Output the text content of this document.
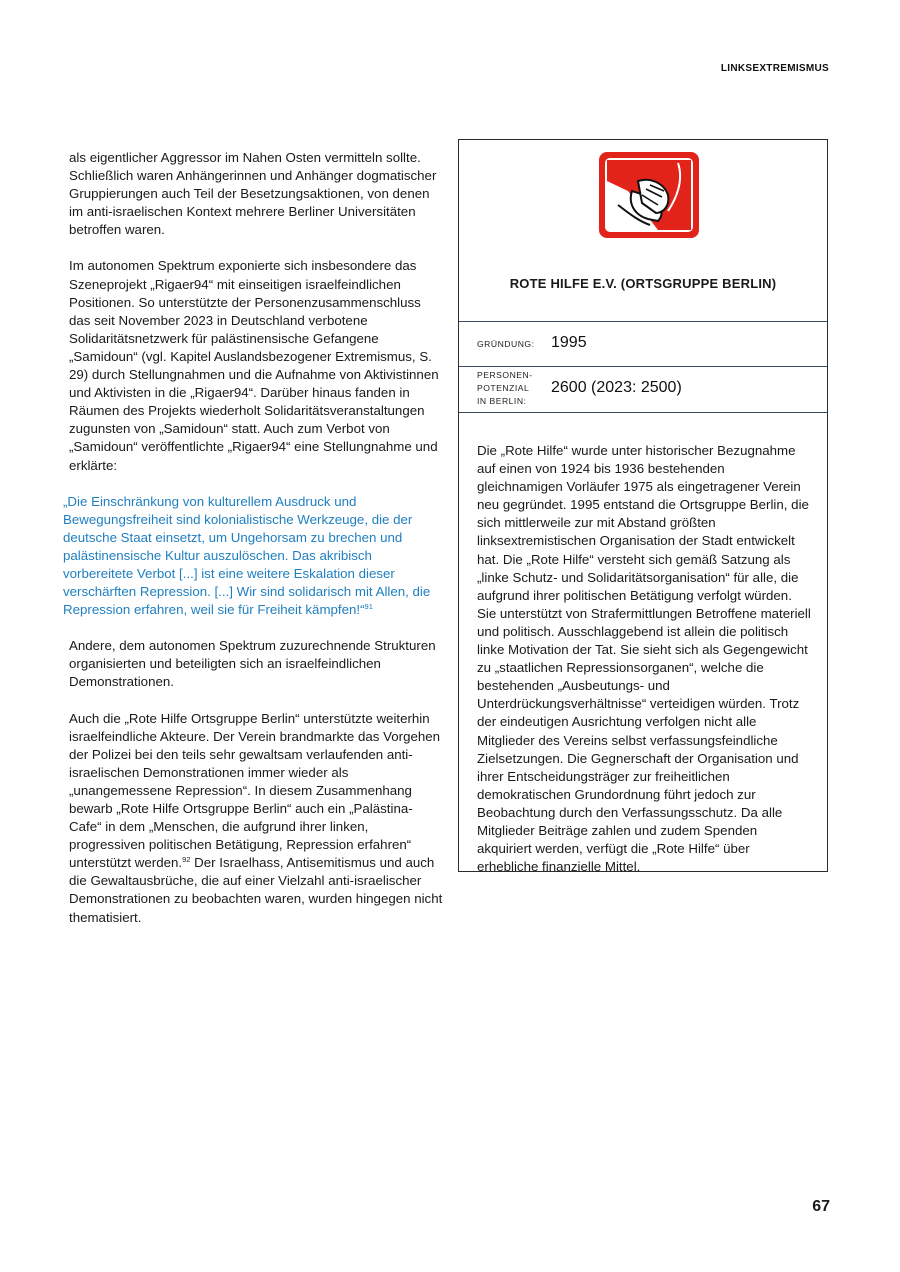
LINKSEXTREMISMUS

als eigentlicher Aggressor im Nahen Osten vermitteln sollte. Schließlich waren Anhängerinnen und Anhänger dogmatischer Gruppierungen auch Teil der Besetzungsaktionen, von denen im anti-israelischen Kontext mehrere Berliner Universitäten betroffen waren.

Im autonomen Spektrum exponierte sich insbesondere das Szeneprojekt „Rigaer94“ mit einseitigen israelfeindlichen Positionen. So unterstützte der Personenzusammenschluss das seit November 2023 in Deutschland verbotene Solidaritätsnetzwerk für palästinensische Gefangene „Samidoun“ (vgl. Kapitel Auslandsbezogener Extremismus, S. 29) durch Stellungnahmen und die Aufnahme von Aktivistinnen und Aktivisten in die „Rigaer94“. Darüber hinaus fanden in Räumen des Projekts wiederholt Solidaritätsveranstaltungen zugunsten von „Samidoun“ statt. Auch zum Verbot von „Samidoun“ veröffentlichte „Rigaer94“ eine Stellungnahme und erklärte:

„Die Einschränkung von kulturellem Ausdruck und Bewegungsfreiheit sind kolonialistische Werkzeuge, die der deutsche Staat einsetzt, um Ungehorsam zu brechen und palästinensische Kultur auszulöschen. Das akribisch vorbereitete Verbot [...] ist eine weitere Eskalation dieser verschärften Repression. [...] Wir sind solidarisch mit Allen, die Repression erfahren, weil sie für Freiheit kämpfen!“$^{91}$

Andere, dem autonomen Spektrum zuzurechnende Strukturen organisierten und beteiligten sich an israelfeindlichen Demonstrationen.

Auch die „Rote Hilfe Ortsgruppe Berlin“ unterstützte weiterhin israelfeindliche Akteure. Der Verein brandmarkte das Vorgehen der Polizei bei den teils sehr gewaltsam verlaufenden anti-israelischen Demonstrationen immer wieder als „unangemessene Repression“. In diesem Zusammenhang bewarb „Rote Hilfe Ortsgruppe Berlin“ auch ein „Palästina-Cafe“ in dem „Menschen, die aufgrund ihrer linken, progressiven politischen Betätigung, Repression erfahren“ unterstützt werden.$^{92}$ Der Israelhass, Antisemitismus und auch die Gewaltausbrüche, die auf einer Vielzahl anti-israelischer Demonstrationen zu beobachten waren, wurden hingegen nicht thematisiert.

ROTE HILFE E.V. (ORTSGRUPPE BERLIN)
GRÜNDUNG: 1995
PERSONEN-
POTENZIAL
IN BERLIN:
2600 (2023: 2500)
Die „Rote Hilfe“ wurde unter historischer Bezugnahme auf einen von 1924 bis 1936 bestehenden gleichnamigen Vorläufer 1975 als eingetragener Verein neu gegründet. 1995 entstand die Ortsgruppe Berlin, die sich mittlerweile zur mit Abstand größten linksextremistischen Organisation der Stadt entwickelt hat. Die „Rote Hilfe“ versteht sich gemäß Satzung als „linke Schutz- und Solidaritätsorganisation“ für alle, die aufgrund ihrer politischen Betätigung verfolgt würden. Sie unterstützt von Strafermittlungen Betroffene materiell und politisch. Ausschlaggebend ist allein die politisch linke Motivation der Tat. Sie sieht sich als Gegengewicht zu „staatlichen Repressionsorganen“, welche die bestehenden „Ausbeutungs- und Unterdrückungsverhältnisse“ verteidigen würden. Trotz der eindeutigen Ausrichtung verfolgen nicht alle Mitglieder des Vereins selbst verfassungsfeindliche Zielsetzungen. Die Gegnerschaft der Organisation und ihrer Entscheidungsträger zur freiheitlichen demokratischen Grundordnung führt jedoch zur Beobachtung durch den Verfassungsschutz. Da alle Mitglieder Beiträge zahlen und zudem Spenden akquiriert werden, verfügt die „Rote Hilfe“ über erhebliche finanzielle Mittel.
67
